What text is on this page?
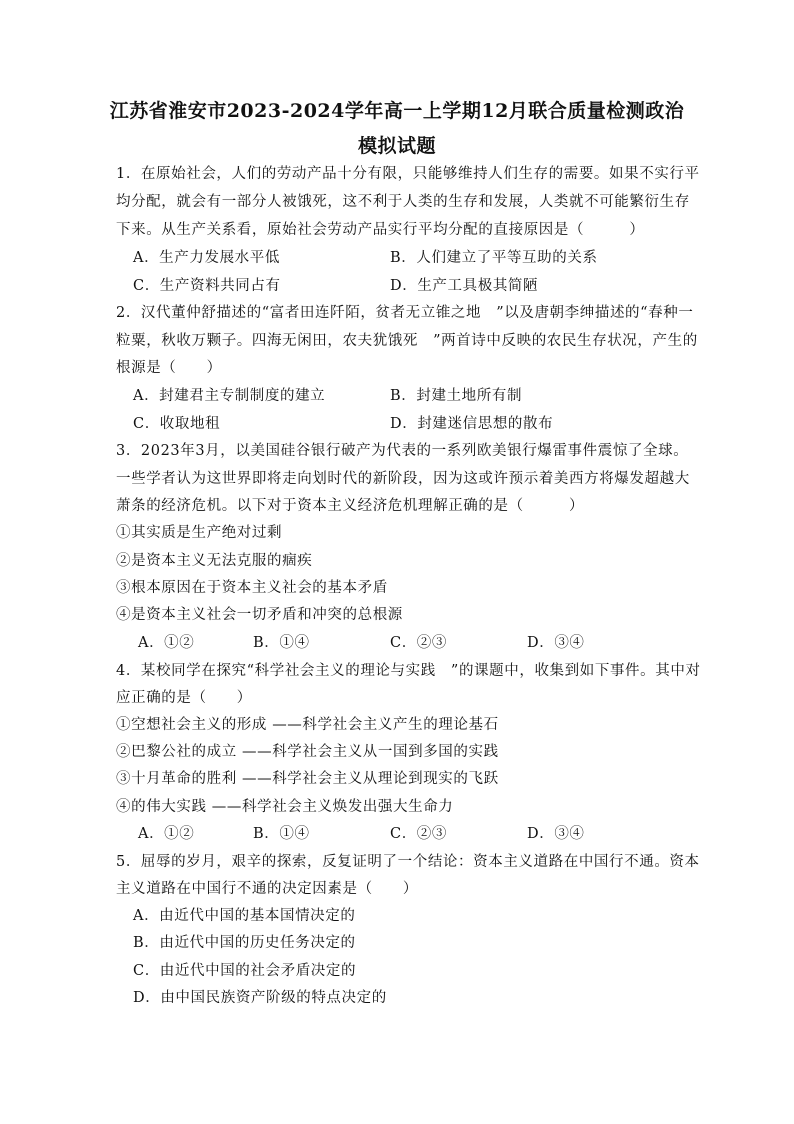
江苏省淮安市2023-2024学年高一上学期12月联合质量检测政治
模拟试题
1．在原始社会，人们的劳动产品十分有限，只能够维持人们生存的需要。如果不实行平
均分配，就会有一部分人被饿死，这不利于人类的生存和发展，人类就不可能繁衍生存
下来。从生产关系看，原始社会劳动产品实行平均分配的直接原因是（　　　）
A．生产力发展水平低	B．人们建立了平等互助的关系
C．生产资料共同占有	D．生产工具极其简陋
2．汉代董仲舒描述的“富者田连阡陌，贫者无立锥之地　”以及唐朝李绅描述的“春种一
粒粟，秋收万颗子。四海无闲田，农夫犹饿死　”两首诗中反映的农民生存状况，产生的
根源是（　　）
A．封建君主专制制度的建立	B．封建土地所有制
C．收取地租	D．封建迷信思想的散布
3．2023年3月，以美国硅谷银行破产为代表的一系列欧美银行爆雷事件震惊了全球。
一些学者认为这世界即将走向划时代的新阶段，因为这或许预示着美西方将爆发超越大
萧条的经济危机。以下对于资本主义经济危机理解正确的是（　　　）
①其实质是生产绝对过剩
②是资本主义无法克服的痼疾
③根本原因在于资本主义社会的基本矛盾
④是资本主义社会一切矛盾和冲突的总根源
A．①②	B．①④	C．②③	D．③④
4．某校同学在探究“科学社会主义的理论与实践　”的课题中，收集到如下事件。其中对
应正确的是（　　）
①空想社会主义的形成 ——科学社会主义产生的理论基石
②巴黎公社的成立 ——科学社会主义从一国到多国的实践
③十月革命的胜利 ——科学社会主义从理论到现实的飞跃
④的伟大实践 ——科学社会主义焕发出强大生命力
A．①②	B．①④	C．②③	D．③④
5．屈辱的岁月，艰辛的探索，反复证明了一个结论：资本主义道路在中国行不通。资本
主义道路在中国行不通的决定因素是（　　）
A．由近代中国的基本国情决定的
B．由近代中国的历史任务决定的
C．由近代中国的社会矛盾决定的
D．由中国民族资产阶级的特点决定的
